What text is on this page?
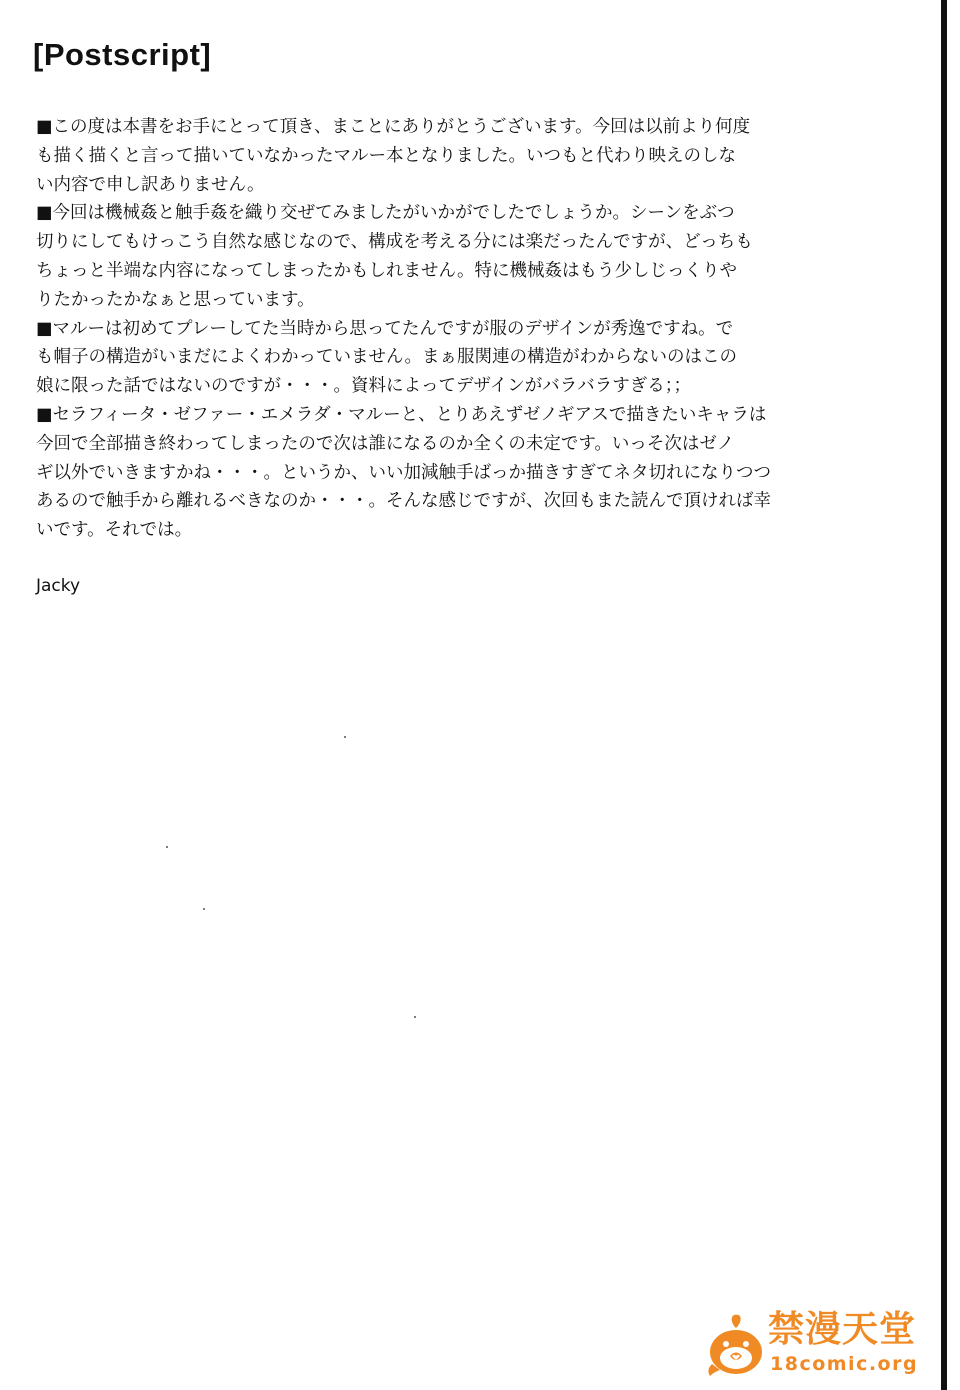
[Postscript]

■この度は本書をお手にとって頂き、まことにありがとうございます。今回は以前より何度
も描く描くと言って描いていなかったマルー本となりました。いつもと代わり映えのしな
い内容で申し訳ありません。

■今回は機械姦と触手姦を織り交ぜてみましたがいかがでしたでしょうか。シーンをぶつ
切りにしてもけっこう自然な感じなので、構成を考える分には楽だったんですが、どっちも
ちょっと半端な内容になってしまったかもしれません。特に機械姦はもう少しじっくりや
りたかったかなぁと思っています。

■マルーは初めてプレーしてた当時から思ってたんですが服のデザインが秀逸ですね。で
も帽子の構造がいまだによくわかっていません。まぁ服関連の構造がわからないのはこの
娘に限った話ではないのですが・・・。資料によってデザインがバラバラすぎる；；

■セラフィータ・ゼファー・エメラダ・マルーと、とりあえずゼノギアスで描きたいキャラは
今回で全部描き終わってしまったので次は誰になるのか全くの未定です。いっそ次はゼノ
ギ以外でいきますかね・・・。というか、いい加減触手ばっか描きすぎてネタ切れになりつつ
あるので触手から離れるべきなのか・・・。そんな感じですが、次回もまた読んで頂ければ幸
いです。それでは。

Jacky

禁漫天堂
18comic.org
